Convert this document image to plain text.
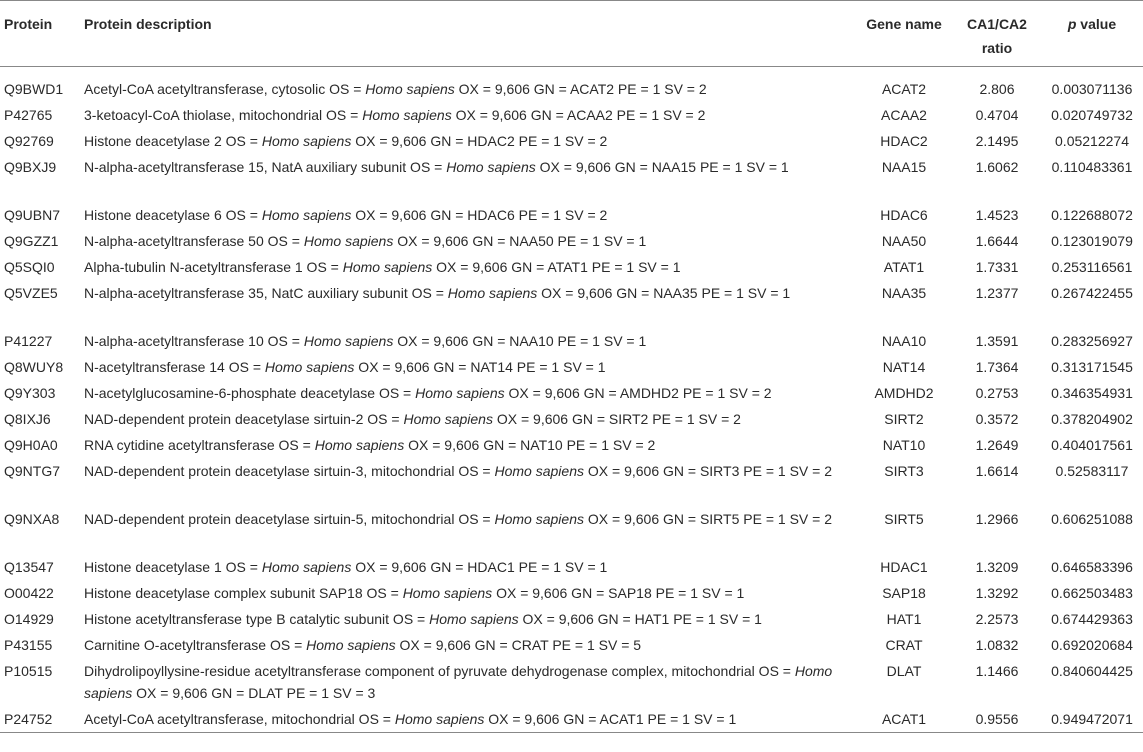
Protein	Protein description	Gene name	CA1/CA2 ratio	p value
Q9BWD1	Acetyl-CoA acetyltransferase, cytosolic OS = Homo sapiens OX = 9,606 GN = ACAT2 PE = 1 SV = 2	ACAT2	2.806	0.003071136
P42765	3-ketoacyl-CoA thiolase, mitochondrial OS = Homo sapiens OX = 9,606 GN = ACAA2 PE = 1 SV = 2	ACAA2	0.4704	0.020749732
Q92769	Histone deacetylase 2 OS = Homo sapiens OX = 9,606 GN = HDAC2 PE = 1 SV = 2	HDAC2	2.1495	0.05212274
Q9BXJ9	N-alpha-acetyltransferase 15, NatA auxiliary subunit OS = Homo sapiens OX = 9,606 GN = NAA15 PE = 1 SV = 1	NAA15	1.6062	0.110483361
Q9UBN7	Histone deacetylase 6 OS = Homo sapiens OX = 9,606 GN = HDAC6 PE = 1 SV = 2	HDAC6	1.4523	0.122688072
Q9GZZ1	N-alpha-acetyltransferase 50 OS = Homo sapiens OX = 9,606 GN = NAA50 PE = 1 SV = 1	NAA50	1.6644	0.123019079
Q5SQI0	Alpha-tubulin N-acetyltransferase 1 OS = Homo sapiens OX = 9,606 GN = ATAT1 PE = 1 SV = 1	ATAT1	1.7331	0.253116561
Q5VZE5	N-alpha-acetyltransferase 35, NatC auxiliary subunit OS = Homo sapiens OX = 9,606 GN = NAA35 PE = 1 SV = 1	NAA35	1.2377	0.267422455
P41227	N-alpha-acetyltransferase 10 OS = Homo sapiens OX = 9,606 GN = NAA10 PE = 1 SV = 1	NAA10	1.3591	0.283256927
Q8WUY8	N-acetyltransferase 14 OS = Homo sapiens OX = 9,606 GN = NAT14 PE = 1 SV = 1	NAT14	1.7364	0.313171545
Q9Y303	N-acetylglucosamine-6-phosphate deacetylase OS = Homo sapiens OX = 9,606 GN = AMDHD2 PE = 1 SV = 2	AMDHD2	0.2753	0.346354931
Q8IXJ6	NAD-dependent protein deacetylase sirtuin-2 OS = Homo sapiens OX = 9,606 GN = SIRT2 PE = 1 SV = 2	SIRT2	0.3572	0.378204902
Q9H0A0	RNA cytidine acetyltransferase OS = Homo sapiens OX = 9,606 GN = NAT10 PE = 1 SV = 2	NAT10	1.2649	0.404017561
Q9NTG7	NAD-dependent protein deacetylase sirtuin-3, mitochondrial OS = Homo sapiens OX = 9,606 GN = SIRT3 PE = 1 SV = 2	SIRT3	1.6614	0.52583117
Q9NXA8	NAD-dependent protein deacetylase sirtuin-5, mitochondrial OS = Homo sapiens OX = 9,606 GN = SIRT5 PE = 1 SV = 2	SIRT5	1.2966	0.606251088
Q13547	Histone deacetylase 1 OS = Homo sapiens OX = 9,606 GN = HDAC1 PE = 1 SV = 1	HDAC1	1.3209	0.646583396
O00422	Histone deacetylase complex subunit SAP18 OS = Homo sapiens OX = 9,606 GN = SAP18 PE = 1 SV = 1	SAP18	1.3292	0.662503483
O14929	Histone acetyltransferase type B catalytic subunit OS = Homo sapiens OX = 9,606 GN = HAT1 PE = 1 SV = 1	HAT1	2.2573	0.674429363
P43155	Carnitine O-acetyltransferase OS = Homo sapiens OX = 9,606 GN = CRAT PE = 1 SV = 5	CRAT	1.0832	0.692020684
P10515	Dihydrolipoyllysine-residue acetyltransferase component of pyruvate dehydrogenase complex, mitochondrial OS = Homo sapiens OX = 9,606 GN = DLAT PE = 1 SV = 3	DLAT	1.1466	0.840604425
P24752	Acetyl-CoA acetyltransferase, mitochondrial OS = Homo sapiens OX = 9,606 GN = ACAT1 PE = 1 SV = 1	ACAT1	0.9556	0.949472071
